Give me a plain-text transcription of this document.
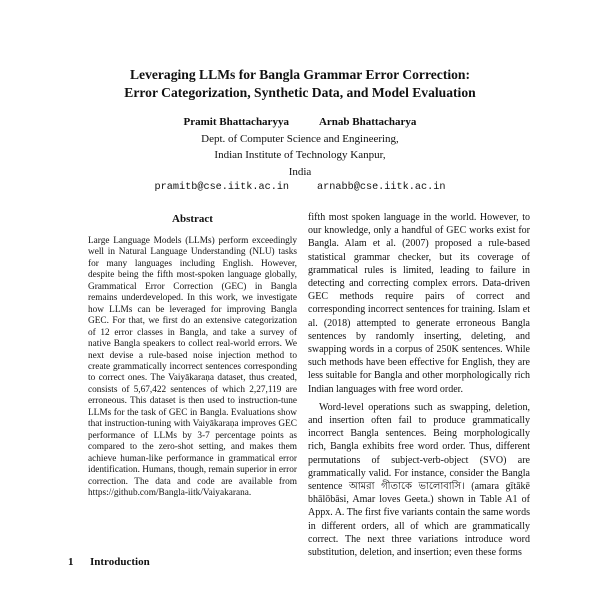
Leveraging LLMs for Bangla Grammar Error Correction:
Error Categorization, Synthetic Data, and Model Evaluation
Pramit Bhattacharyya	Arnab Bhattacharya
Dept. of Computer Science and Engineering,
Indian Institute of Technology Kanpur,
India
pramitb@cse.iitk.ac.in	arnabb@cse.iitk.ac.in
Abstract
Large Language Models (LLMs) perform exceedingly well in Natural Language Understanding (NLU) tasks for many languages including English. However, despite being the fifth most-spoken language globally, Grammatical Error Correction (GEC) in Bangla remains underdeveloped. In this work, we investigate how LLMs can be leveraged for improving Bangla GEC. For that, we first do an extensive categorization of 12 error classes in Bangla, and take a survey of native Bangla speakers to collect real-world errors. We next devise a rule-based noise injection method to create grammatically incorrect sentences corresponding to correct ones. The Vaiyākaraṇa dataset, thus created, consists of 5,67,422 sentences of which 2,27,119 are erroneous. This dataset is then used to instruction-tune LLMs for the task of GEC in Bangla. Evaluations show that instruction-tuning with Vaiyākaraṇa improves GEC performance of LLMs by 3-7 percentage points as compared to the zero-shot setting, and makes them achieve human-like performance in grammatical error identification. Humans, though, remain superior in error correction. The data and code are available from https://github.com/Bangla-iitk/Vaiyakarana.
1 Introduction

fifth most spoken language in the world. However, to our knowledge, only a handful of GEC works exist for Bangla. Alam et al. (2007) proposed a rule-based statistical grammar checker, but its coverage of grammatical rules is limited, leading to failure in detecting and correcting complex errors. Data-driven GEC methods require pairs of correct and corresponding incorrect sentences for training. Islam et al. (2018) attempted to generate erroneous Bangla sentences by randomly inserting, deleting, and swapping words in a corpus of 250K sentences. While such methods have been effective for English, they are less suitable for Bangla and other morphologically rich Indian languages with free word order.

Word-level operations such as swapping, deletion, and insertion often fail to produce grammatically incorrect Bangla sentences. Being morphologically rich, Bangla exhibits free word order. Thus, different permutations of subject-verb-object (SVO) are grammatically valid. For instance, consider the Bangla sentence আমরা গীতাকে ভালোবাসি। (amara gītākē bhālōbāsi, Amar loves Geeta.) shown in Table A1 of Appx. A. The first five variants contain the same words in different orders, all of which are grammatically correct. The next three variations introduce word substitution, deletion, and insertion; even these forms
